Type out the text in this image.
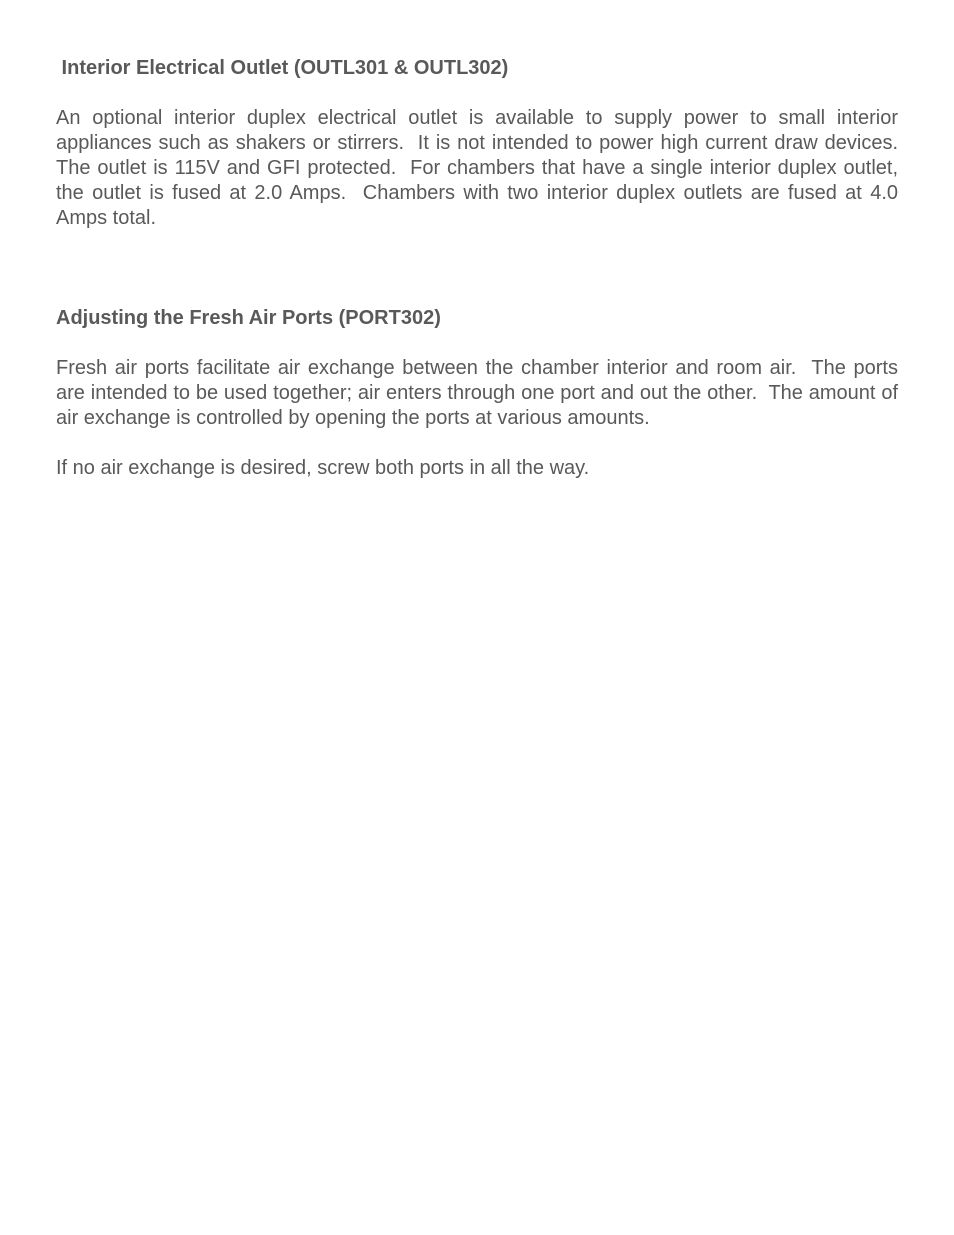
Interior Electrical Outlet (OUTL301 & OUTL302)

An optional interior duplex electrical outlet is available to supply power to small interior appliances such as shakers or stirrers.  It is not intended to power high current draw devices.  The outlet is 115V and GFI protected.  For chambers that have a single interior duplex outlet, the outlet is fused at 2.0 Amps.  Chambers with two interior duplex outlets are fused at 4.0 Amps total.

Adjusting the Fresh Air Ports (PORT302)

Fresh air ports facilitate air exchange between the chamber interior and room air.  The ports are intended to be used together; air enters through one port and out the other.  The amount of air exchange is controlled by opening the ports at various amounts.

If no air exchange is desired, screw both ports in all the way.
